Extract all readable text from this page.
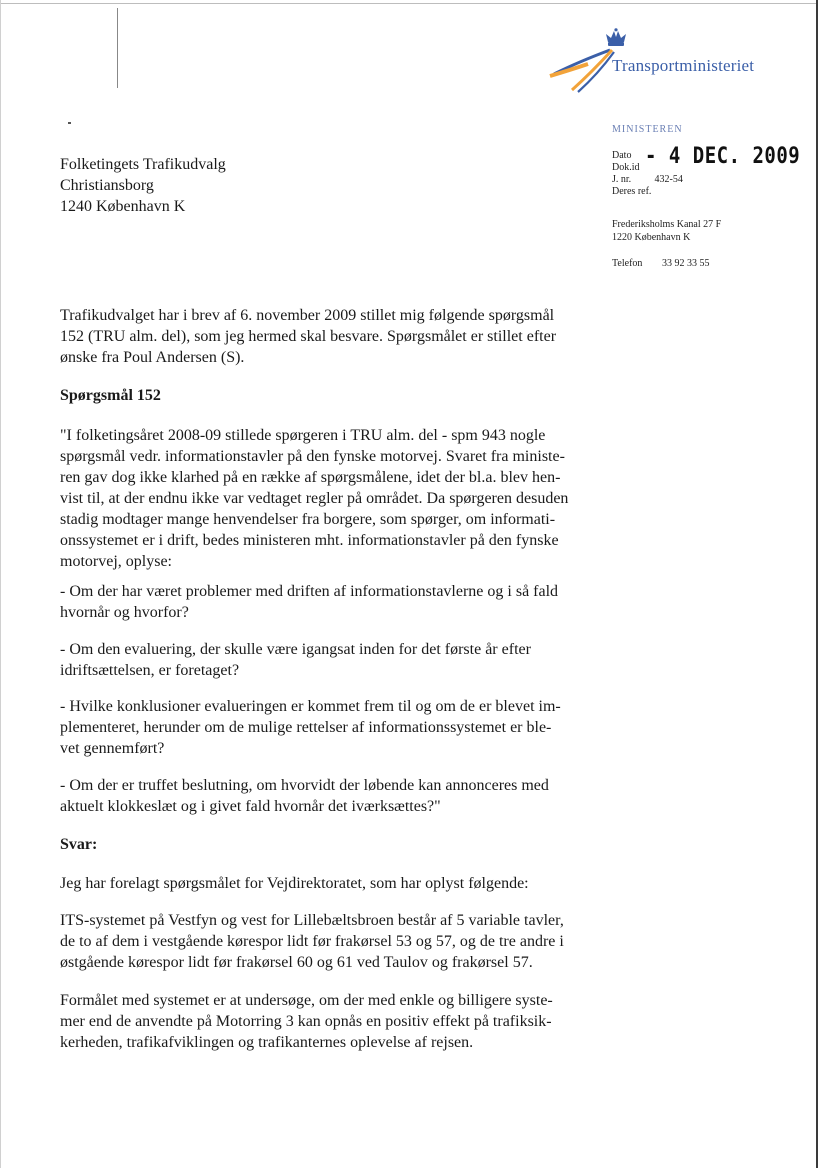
Transportministeriet
MINISTEREN
Dato - 4 DEC. 2009
Dok.id
J. nr. 432-54
Deres ref.
Frederiksholms Kanal 27 F
1220 København K
Telefon 33 92 33 55
Folketingets Trafikudvalg
Christiansborg
1240 København K
Trafikudvalget har i brev af 6. november 2009 stillet mig følgende spørgsmål
152 (TRU alm. del), som jeg hermed skal besvare. Spørgsmålet er stillet efter
ønske fra Poul Andersen (S).
Spørgsmål 152
"I folketingsåret 2008-09 stillede spørgeren i TRU alm. del - spm 943 nogle
spørgsmål vedr. informationstavler på den fynske motorvej. Svaret fra ministe-
ren gav dog ikke klarhed på en række af spørgsmålene, idet der bl.a. blev hen-
vist til, at der endnu ikke var vedtaget regler på området. Da spørgeren desuden
stadig modtager mange henvendelser fra borgere, som spørger, om informati-
onssystemet er i drift, bedes ministeren mht. informationstavler på den fynske
motorvej, oplyse:
- Om der har været problemer med driften af informationstavlerne og i så fald
hvornår og hvorfor?
- Om den evaluering, der skulle være igangsat inden for det første år efter
idriftsættelsen, er foretaget?
- Hvilke konklusioner evalueringen er kommet frem til og om de er blevet im-
plementeret, herunder om de mulige rettelser af informationssystemet er ble-
vet gennemført?
- Om der er truffet beslutning, om hvorvidt der løbende kan annonceres med
aktuelt klokkeslæt og i givet fald hvornår det iværksættes?"
Svar:
Jeg har forelagt spørgsmålet for Vejdirektoratet, som har oplyst følgende:
ITS-systemet på Vestfyn og vest for Lillebæltsbroen består af 5 variable tavler,
de to af dem i vestgående kørespor lidt før frakørsel 53 og 57, og de tre andre i
østgående kørespor lidt før frakørsel 60 og 61 ved Taulov og frakørsel 57.
Formålet med systemet er at undersøge, om der med enkle og billigere syste-
mer end de anvendte på Motorring 3 kan opnås en positiv effekt på trafiksik-
kerheden, trafikafviklingen og trafikanternes oplevelse af rejsen.
